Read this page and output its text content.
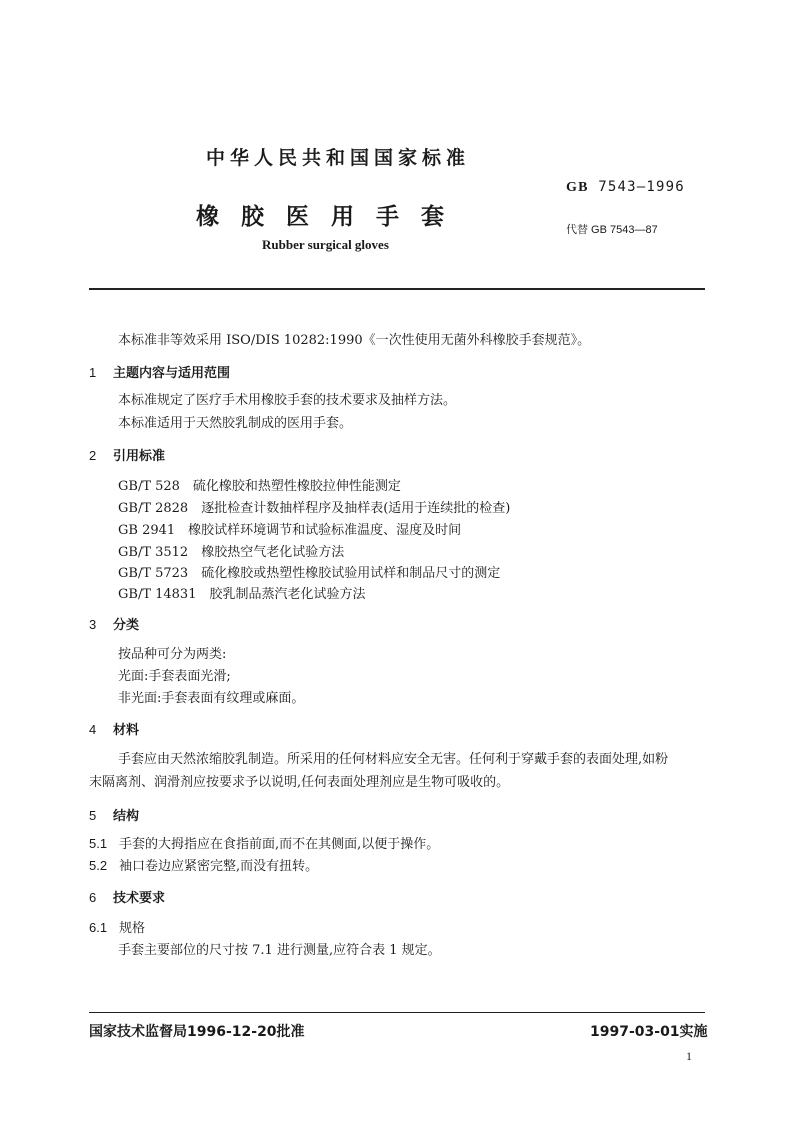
中华人民共和国国家标准
GB 7543—1996
橡胶医用手套	代替 GB 7543—87
Rubber surgical gloves
本标准非等效采用 ISO/DIS 10282:1990《一次性使用无菌外科橡胶手套规范》。
1 主题内容与适用范围
本标准规定了医疗手术用橡胶手套的技术要求及抽样方法。
本标准适用于天然胶乳制成的医用手套。
2 引用标准
GB/T 528　硫化橡胶和热塑性橡胶拉伸性能测定
GB/T 2828　逐批检查计数抽样程序及抽样表(适用于连续批的检查)
GB 2941　橡胶试样环境调节和试验标准温度、湿度及时间
GB/T 3512　橡胶热空气老化试验方法
GB/T 5723　硫化橡胶或热塑性橡胶试验用试样和制品尺寸的测定
GB/T 14831　胶乳制品蒸汽老化试验方法
3 分类
按品种可分为两类:
光面:手套表面光滑;
非光面:手套表面有纹理或麻面。
4 材料
手套应由天然浓缩胶乳制造。所采用的任何材料应安全无害。任何利于穿戴手套的表面处理,如粉
末隔离剂、润滑剂应按要求予以说明,任何表面处理剂应是生物可吸收的。
5 结构
5.1 手套的大拇指应在食指前面,而不在其侧面,以便于操作。
5.2 袖口卷边应紧密完整,而没有扭转。
6 技术要求
6.1 规格
手套主要部位的尺寸按 7.1 进行测量,应符合表 1 规定。
国家技术监督局1996-12-20批准	1997-03-01实施
1
